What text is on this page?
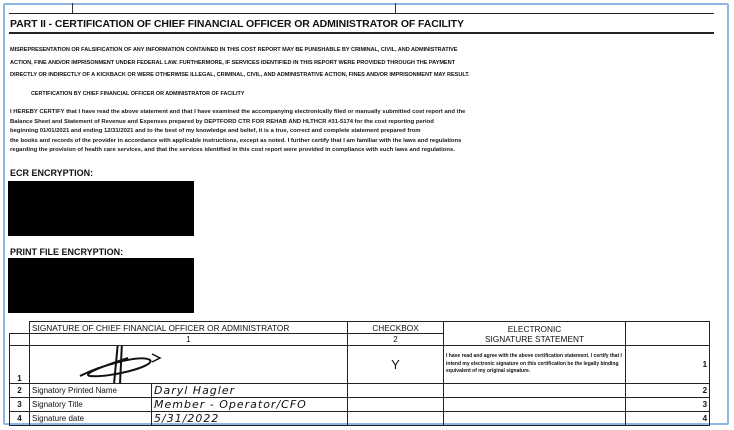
PART II - CERTIFICATION OF CHIEF FINANCIAL OFFICER OR ADMINISTRATOR OF FACILITY
MISREPRESENTATION OR FALSIFICATION OF ANY INFORMATION CONTAINED IN THIS COST REPORT MAY BE PUNISHABLE BY CRIMINAL, CIVIL, AND ADMINISTRATIVE
ACTION, FINE AND/OR IMPRISONMENT UNDER FEDERAL LAW. FURTHERMORE, IF SERVICES IDENTIFIED IN THIS REPORT WERE PROVIDED THROUGH THE PAYMENT
DIRECTLY OR INDIRECTLY OF A KICKBACK OR WERE OTHERWISE ILLEGAL, CRIMINAL, CIVIL, AND ADMINISTRATIVE ACTION, FINES AND/OR IMPRISONMENT MAY RESULT.
CERTIFICATION BY CHIEF FINANCIAL OFFICER OR ADMINISTRATOR OF FACILITY
I HEREBY CERTIFY that I have read the above statement and that I have examined the accompanying electronically filed or manually submitted cost report and the
Balance Sheet and Statement of Revenue and Expenses prepared by DEPTFORD CTR FOR REHAB AND HLTHCR #31-5174 for the cost reporting period
beginning 01/01/2021 and ending 12/31/2021 and to the best of my knowledge and belief, it is a true, correct and complete statement prepared from
the books and records of the provider in accordance with applicable instructions, except as noted. I further certify that I am familiar with the laws and regulations
regarding the provision of health care services, and that the services identified in this cost report were provided in compliance with such laws and regulations.
ECR ENCRYPTION:
PRINT FILE ENCRYPTION:
	SIGNATURE OF CHIEF FINANCIAL OFFICER OR ADMINISTRATOR		CHECKBOX	ELECTRONIC
SIGNATURE STATEMENT	

	1		2		
1			Y	I have read and agree with the above certification statement. I certify that I intend my electronic signature on this certification be the legally binding equivalent of my original signature.	1
2	Signatory Printed Name	Daryl Hagler			2
3	Signatory Title	Member - Operator/CFO			3
4	Signature date	5/31/2022			4
